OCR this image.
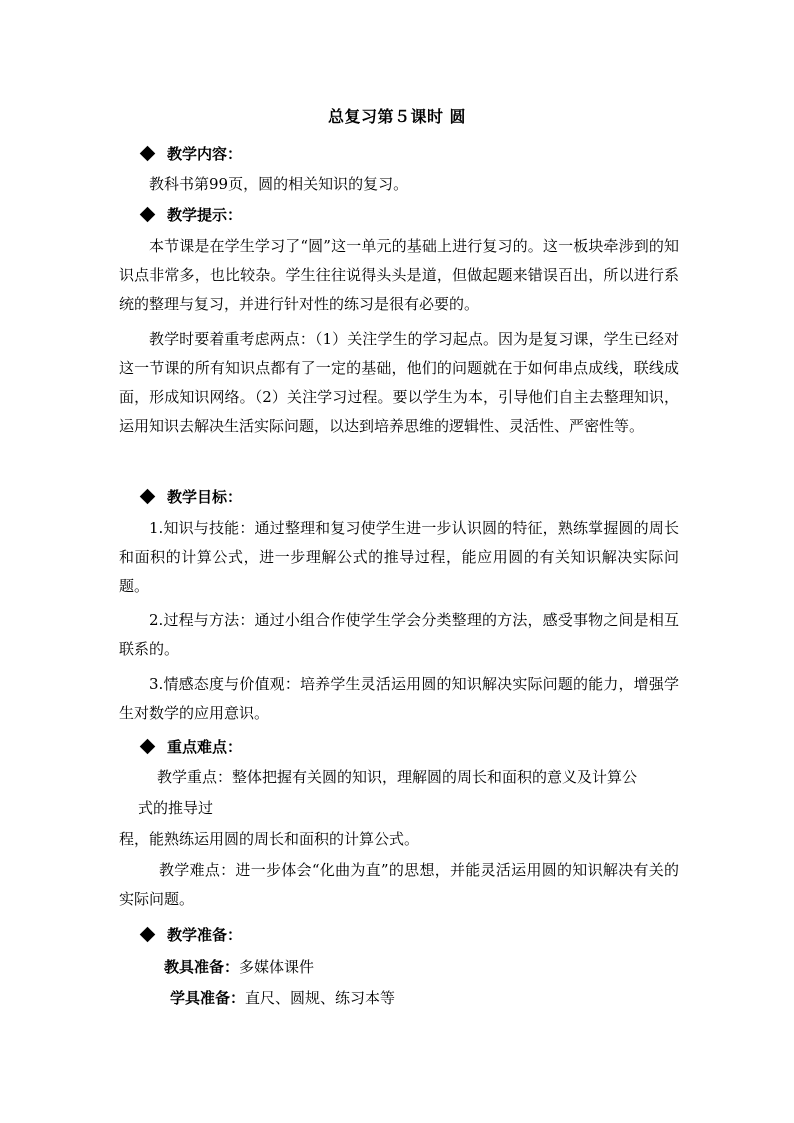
总复习第５课时 圆
教学内容：
教科书第99页，圆的相关知识的复习。
教学提示：
本节课是在学生学习了“圆”这一单元的基础上进行复习的。这一板块牵涉到的知识点非常多，也比较杂。学生往往说得头头是道，但做起题来错误百出，所以进行系统的整理与复习，并进行针对性的练习是很有必要的。
教学时要着重考虑两点：（1）关注学生的学习起点。因为是复习课，学生已经对这一节课的所有知识点都有了一定的基础，他们的问题就在于如何串点成线，联线成面，形成知识网络。（2）关注学习过程。要以学生为本，引导他们自主去整理知识，运用知识去解决生活实际问题，以达到培养思维的逻辑性、灵活性、严密性等。
教学目标：
1.知识与技能：通过整理和复习使学生进一步认识圆的特征，熟练掌握圆的周长和面积的计算公式，进一步理解公式的推导过程，能应用圆的有关知识解决实际问题。
2.过程与方法：通过小组合作使学生学会分类整理的方法，感受事物之间是相互联系的。
3.情感态度与价值观：培养学生灵活运用圆的知识解决实际问题的能力，增强学生对数学的应用意识。
重点难点：
教学重点：整体把握有关圆的知识，理解圆的周长和面积的意义及计算公
式的推导过
程，能熟练运用圆的周长和面积的计算公式。
教学难点：进一步体会“化曲为直”的思想，并能灵活运用圆的知识解决有关的实际问题。
教学准备：
教具准备：多媒体课件
学具准备：直尺、圆规、练习本等
